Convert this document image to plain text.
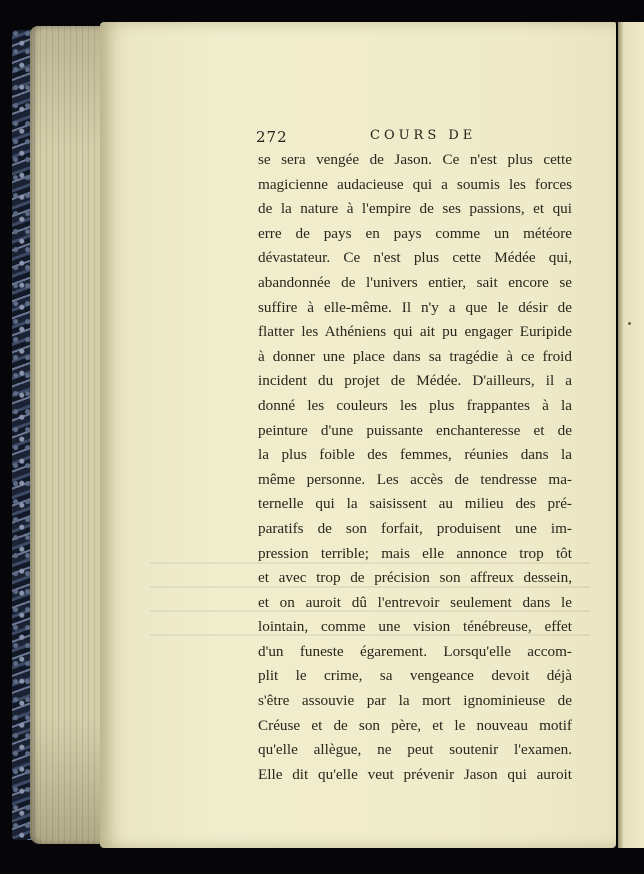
272	COURS DE
se sera vengée de Jason. Ce n'est plus cette
magicienne audacieuse qui a soumis les forces
de la nature à l'empire de ses passions, et qui
erre de pays en pays comme un météore
dévastateur. Ce n'est plus cette Médée qui,
abandonnée de l'univers entier, sait encore se
suffire à elle-même. Il n'y a que le désir de
flatter les Athéniens qui ait pu engager Euripide
à donner une place dans sa tragédie à ce froid
incident du projet de Médée. D'ailleurs, il a
donné les couleurs les plus frappantes à la
peinture d'une puissante enchanteresse et de
la plus foible des femmes, réunies dans la
même personne. Les accès de tendresse ma-
ternelle qui la saisissent au milieu des pré-
paratifs de son forfait, produisent une im-
pression terrible; mais elle annonce trop tôt
et avec trop de précision son affreux dessein,
et on auroit dû l'entrevoir seulement dans le
lointain, comme une vision ténébreuse, effet
d'un funeste égarement. Lorsqu'elle accom-
plit le crime, sa vengeance devoit déjà
s'être assouvie par la mort ignominieuse de
Créuse et de son père, et le nouveau motif
qu'elle allègue, ne peut soutenir l'examen.
Elle dit qu'elle veut prévenir Jason qui auroit
